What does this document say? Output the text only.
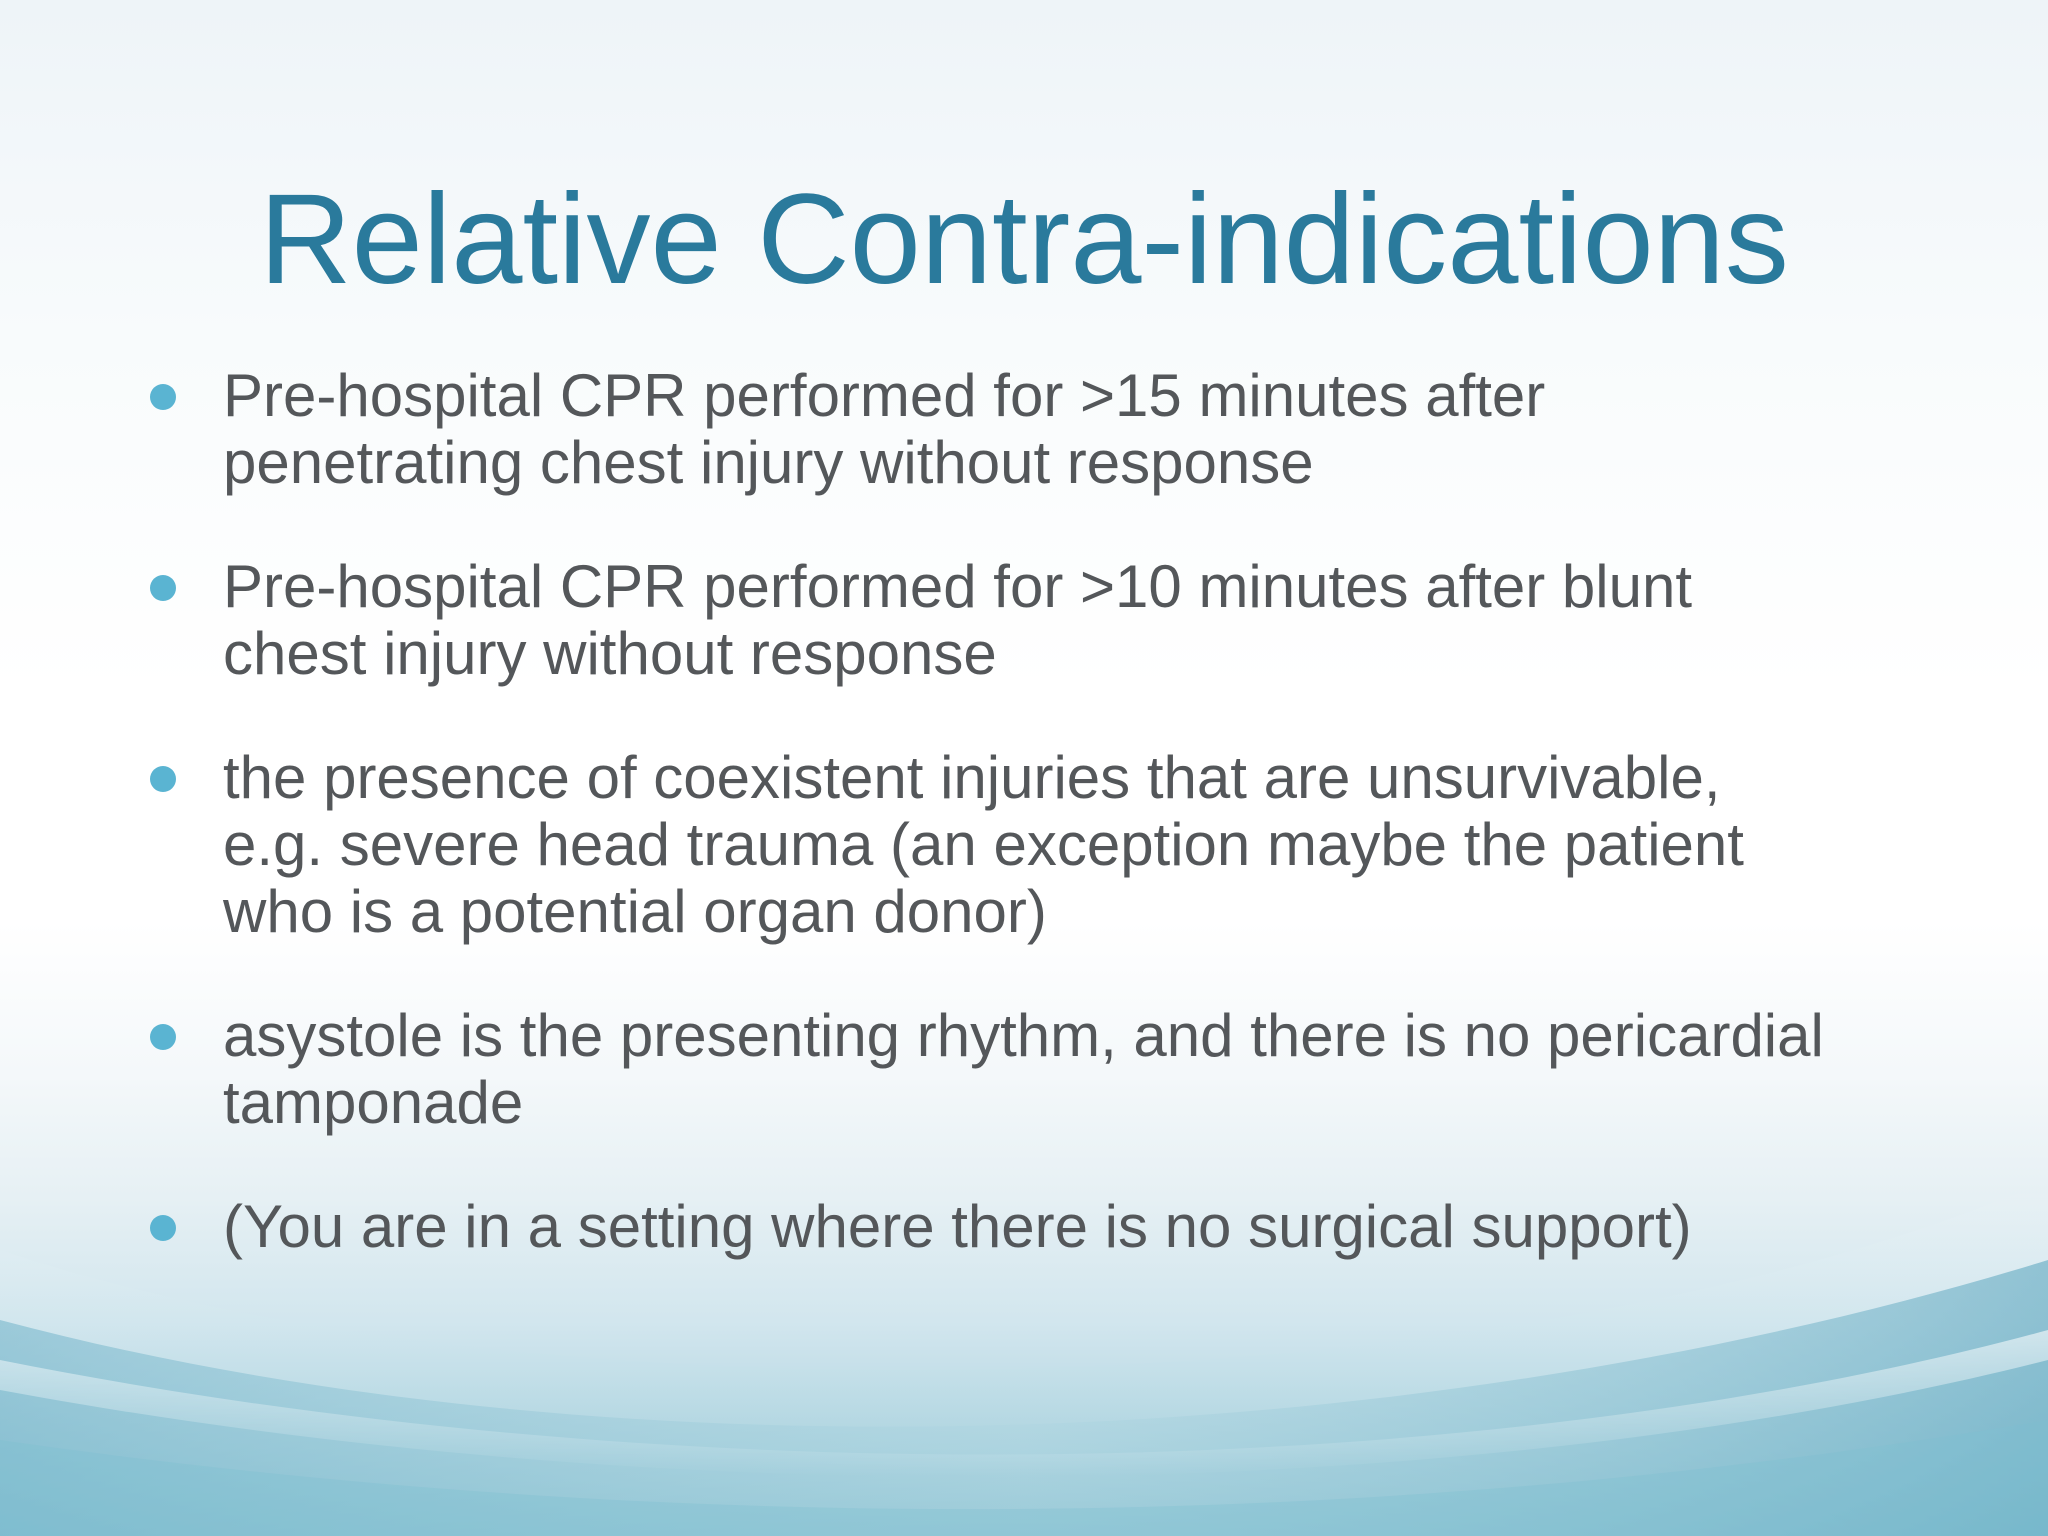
Relative Contra-indications
Pre-hospital CPR performed for >15 minutes after
penetrating chest injury without response
Pre-hospital CPR performed for >10 minutes after blunt
chest injury without response
the presence of coexistent injuries that are unsurvivable,
e.g. severe head trauma (an exception maybe the patient
who is a potential organ donor)
asystole is the presenting rhythm, and there is no pericardial
tamponade
(You are in a setting where there is no surgical support)
